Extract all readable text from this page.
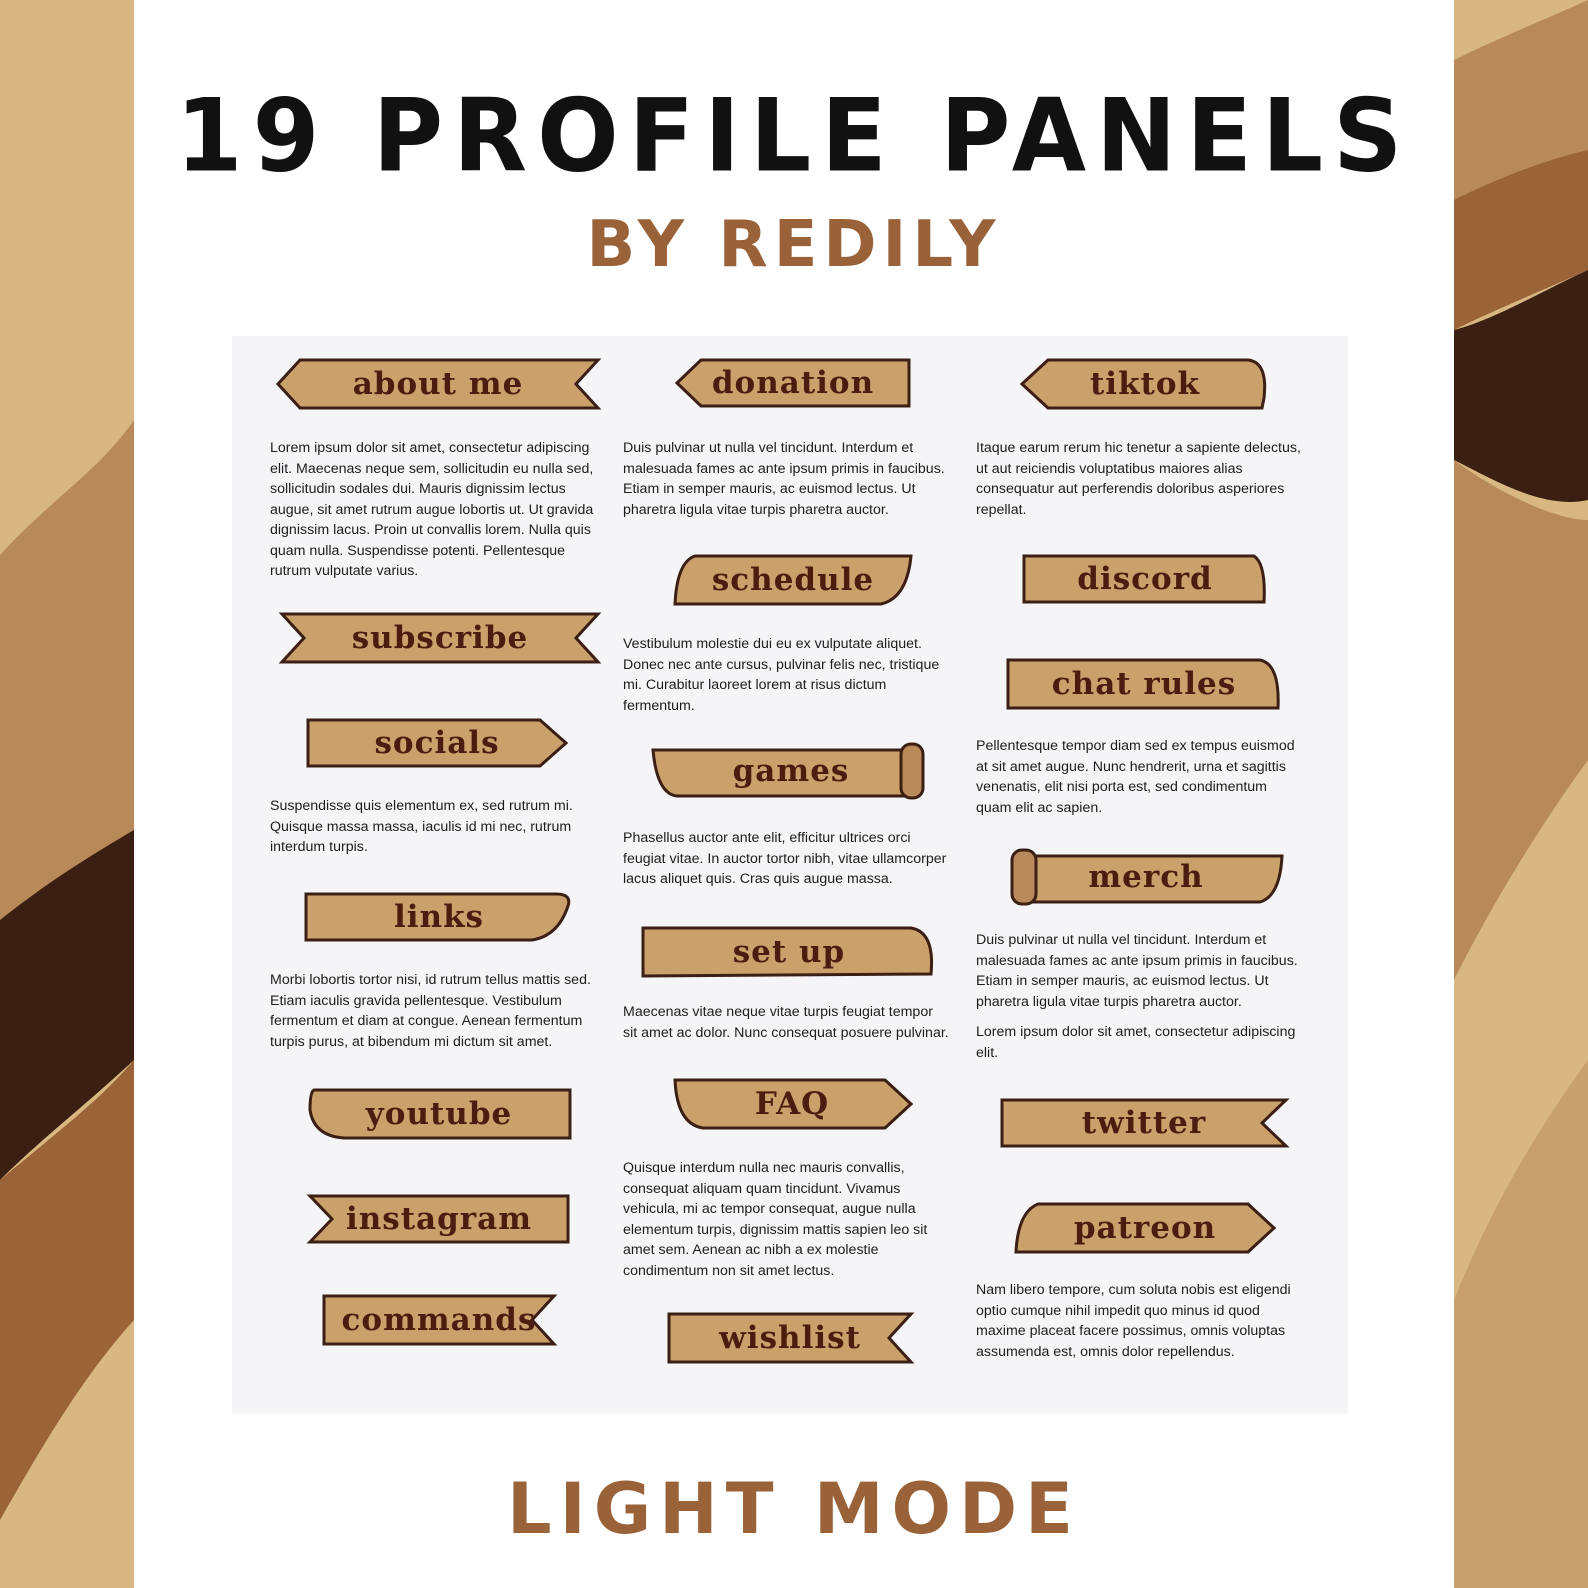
19 PROFILE PANELS
BY REDILY
about me
Lorem ipsum dolor sit amet, consectetur adipiscing
elit. Maecenas neque sem, sollicitudin eu nulla sed,
sollicitudin sodales dui. Mauris dignissim lectus
augue, sit amet rutrum augue lobortis ut. Ut gravida
dignissim lacus. Proin ut convallis lorem. Nulla quis
quam nulla. Suspendisse potenti. Pellentesque
rutrum vulputate varius.
subscribe
socials
Suspendisse quis elementum ex, sed rutrum mi.
Quisque massa massa, iaculis id mi nec, rutrum
interdum turpis.
links
Morbi lobortis tortor nisi, id rutrum tellus mattis sed.
Etiam iaculis gravida pellentesque. Vestibulum
fermentum et diam at congue. Aenean fermentum
turpis purus, at bibendum mi dictum sit amet.
youtube
instagram
commands
donation
Duis pulvinar ut nulla vel tincidunt. Interdum et
malesuada fames ac ante ipsum primis in faucibus.
Etiam in semper mauris, ac euismod lectus. Ut
pharetra ligula vitae turpis pharetra auctor.
schedule
Vestibulum molestie dui eu ex vulputate aliquet.
Donec nec ante cursus, pulvinar felis nec, tristique
mi. Curabitur laoreet lorem at risus dictum
fermentum.
games
Phasellus auctor ante elit, efficitur ultrices orci
feugiat vitae. In auctor tortor nibh, vitae ullamcorper
lacus aliquet quis. Cras quis augue massa.
set up
Maecenas vitae neque vitae turpis feugiat tempor
sit amet ac dolor. Nunc consequat posuere pulvinar.
FAQ
Quisque interdum nulla nec mauris convallis,
consequat aliquam quam tincidunt. Vivamus
vehicula, mi ac tempor consequat, augue nulla
elementum turpis, dignissim mattis sapien leo sit
amet sem. Aenean ac nibh a ex molestie
condimentum non sit amet lectus.
wishlist
tiktok
Itaque earum rerum hic tenetur a sapiente delectus,
ut aut reiciendis voluptatibus maiores alias
consequatur aut perferendis doloribus asperiores
repellat.
discord
chat rules
Pellentesque tempor diam sed ex tempus euismod
at sit amet augue. Nunc hendrerit, urna et sagittis
venenatis, elit nisi porta est, sed condimentum
quam elit ac sapien.
merch
Duis pulvinar ut nulla vel tincidunt. Interdum et
malesuada fames ac ante ipsum primis in faucibus.
Etiam in semper mauris, ac euismod lectus. Ut
pharetra ligula vitae turpis pharetra auctor.
Lorem ipsum dolor sit amet, consectetur adipiscing
elit.
twitter
patreon
Nam libero tempore, cum soluta nobis est eligendi
optio cumque nihil impedit quo minus id quod
maxime placeat facere possimus, omnis voluptas
assumenda est, omnis dolor repellendus.
LIGHT MODE
